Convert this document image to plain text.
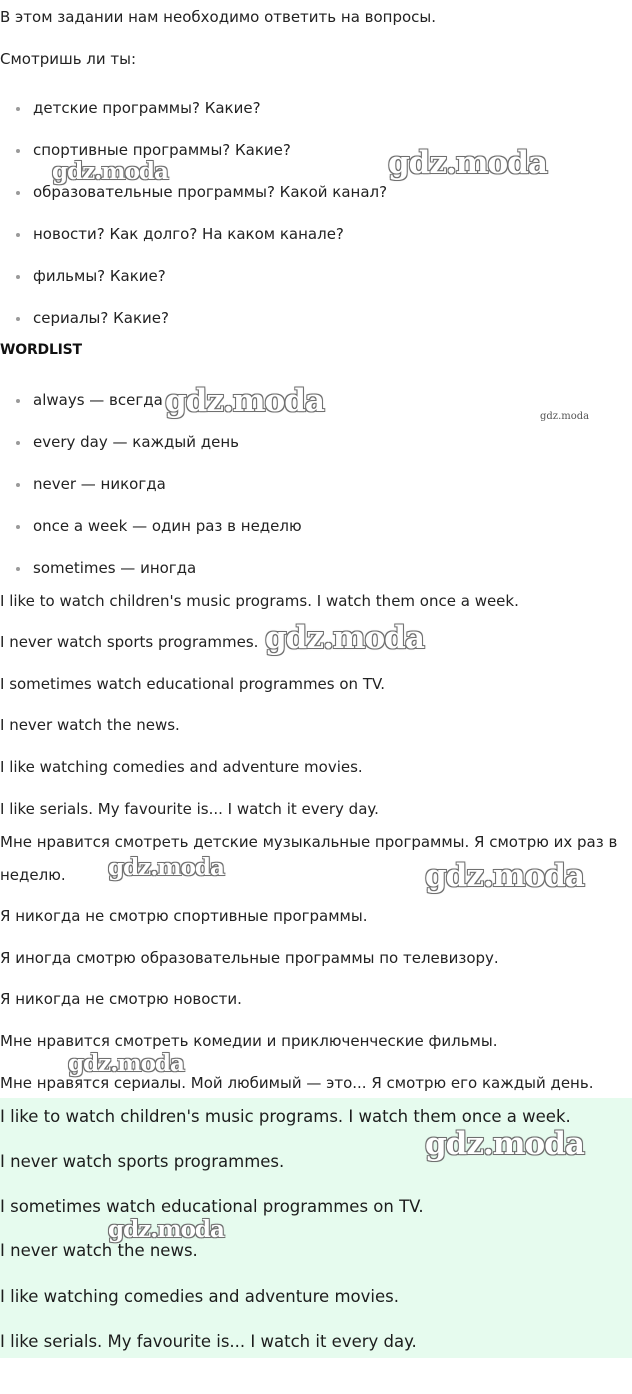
В этом задании нам необходимо ответить на вопросы.
Смотришь ли ты:
детские программы? Какие?
спортивные программы? Какие?
образовательные программы? Какой канал?
новости? Как долго? На каком канале?
фильмы? Какие?
сериалы? Какие?
WORDLIST
always — всегда
every day — каждый день
never — никогда
once a week — один раз в неделю
sometimes — иногда
I like to watch children's music programs. I watch them once a week.
I never watch sports programmes.
I sometimes watch educational programmes on TV.
I never watch the news.
I like watching comedies and adventure movies.
I like serials. My favourite is... I watch it every day.
Мне нравится смотреть детские музыкальные программы. Я смотрю их раз в неделю.
Я никогда не смотрю спортивные программы.
Я иногда смотрю образовательные программы по телевизору.
Я никогда не смотрю новости.
Мне нравится смотреть комедии и приключенческие фильмы.
Мне нравятся сериалы. Мой любимый — это... Я смотрю его каждый день.
I like to watch children's music programs. I watch them once a week.
I never watch sports programmes.
I sometimes watch educational programmes on TV.
I never watch the news.
I like watching comedies and adventure movies.
I like serials. My favourite is... I watch it every day.
gdz.moda	gdz.moda
gdz.moda	gdz.moda
gdz.moda
gdz.moda	gdz.moda
gdz.moda
gdz.moda
gdz.moda
